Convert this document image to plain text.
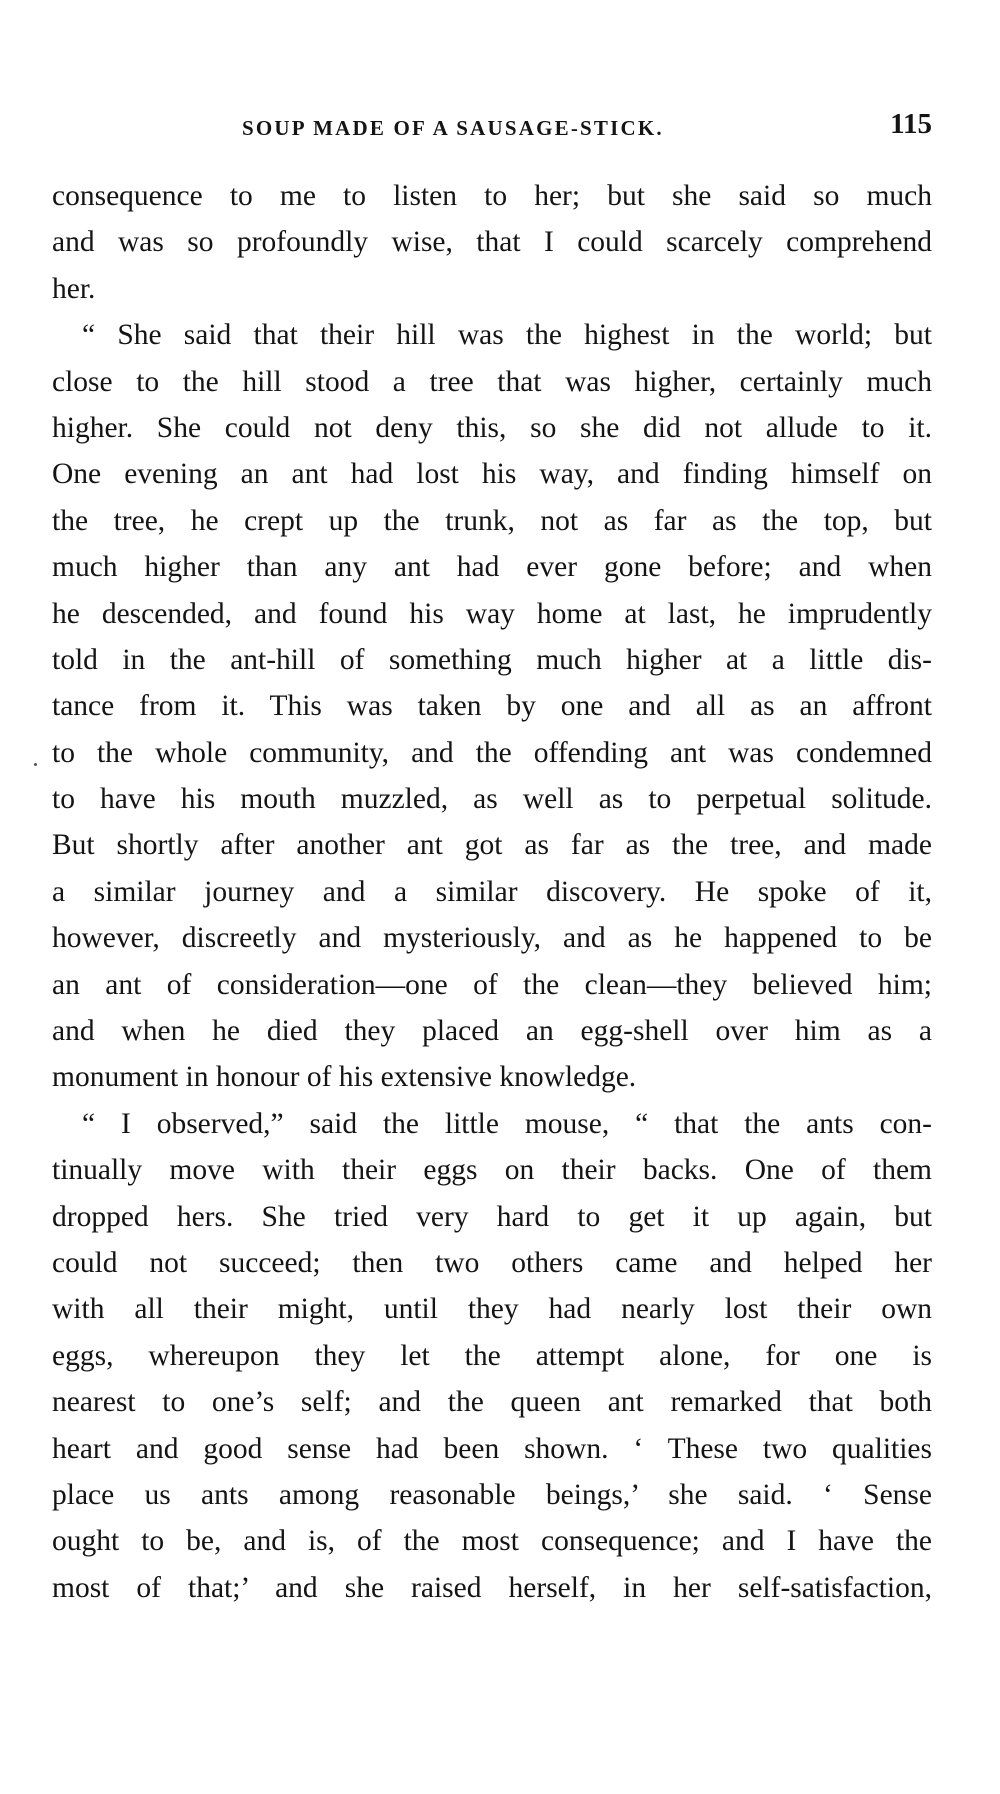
SOUP MADE OF A SAUSAGE-STICK.	115
consequence to me to listen to her; but she said so much
and was so profoundly wise, that I could scarcely comprehend
her.
“ She said that their hill was the highest in the world; but
close to the hill stood a tree that was higher, certainly much
higher. She could not deny this, so she did not allude to it.
One evening an ant had lost his way, and finding himself on
the tree, he crept up the trunk, not as far as the top, but
much higher than any ant had ever gone before; and when
he descended, and found his way home at last, he imprudently
told in the ant-hill of something much higher at a little dis-
tance from it. This was taken by one and all as an affront
to the whole community, and the offending ant was condemned
to have his mouth muzzled, as well as to perpetual solitude.
But shortly after another ant got as far as the tree, and made
a similar journey and a similar discovery. He spoke of it,
however, discreetly and mysteriously, and as he happened to be
an ant of consideration—one of the clean—they believed him;
and when he died they placed an egg-shell over him as a
monument in honour of his extensive knowledge.
“ I observed,” said the little mouse, “ that the ants con-
tinually move with their eggs on their backs. One of them
dropped hers. She tried very hard to get it up again, but
could not succeed; then two others came and helped her
with all their might, until they had nearly lost their own
eggs, whereupon they let the attempt alone, for one is
nearest to one’s self; and the queen ant remarked that both
heart and good sense had been shown. ‘ These two qualities
place us ants among reasonable beings,’ she said. ‘ Sense
ought to be, and is, of the most consequence; and I have the
most of that;’ and she raised herself, in her self-satisfaction,
